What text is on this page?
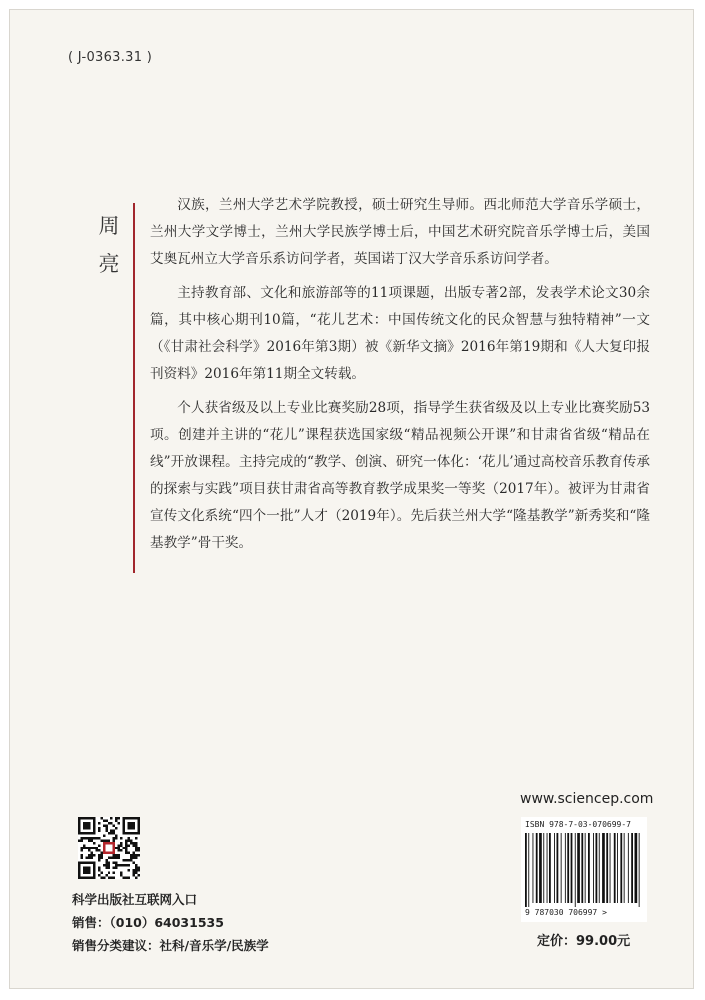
( J-0363.31 )
周
亮

汉族，兰州大学艺术学院教授，硕士研究生导师。西北师范大学音乐学硕士，兰州大学文学博士，兰州大学民族学博士后，中国艺术研究院音乐学博士后，美国艾奥瓦州立大学音乐系访问学者，英国诺丁汉大学音乐系访问学者。

主持教育部、文化和旅游部等的11项课题，出版专著2部，发表学术论文30余篇，其中核心期刊10篇，“花儿艺术：中国传统文化的民众智慧与独特精神”一文（《甘肃社会科学》2016年第3期）被《新华文摘》2016年第19期和《人大复印报刊资料》2016年第11期全文转载。

个人获省级及以上专业比赛奖励28项，指导学生获省级及以上专业比赛奖励53项。创建并主讲的“花儿”课程获选国家级“精品视频公开课”和甘肃省省级“精品在线”开放课程。主持完成的“教学、创演、研究一体化：‘花儿’通过高校音乐教育传承的探索与实践”项目获甘肃省高等教育教学成果奖一等奖（2017年）。被评为甘肃省宣传文化系统“四个一批”人才（2019年）。先后获兰州大学“隆基教学”新秀奖和“隆基教学”骨干奖。

科学出版社互联网入口
销售：（010）64031535
销售分类建议：社科/音乐学/民族学
www.sciencep.com
ISBN 978-7-03-070699-7
9 787030 706997 >
定价：99.00元
